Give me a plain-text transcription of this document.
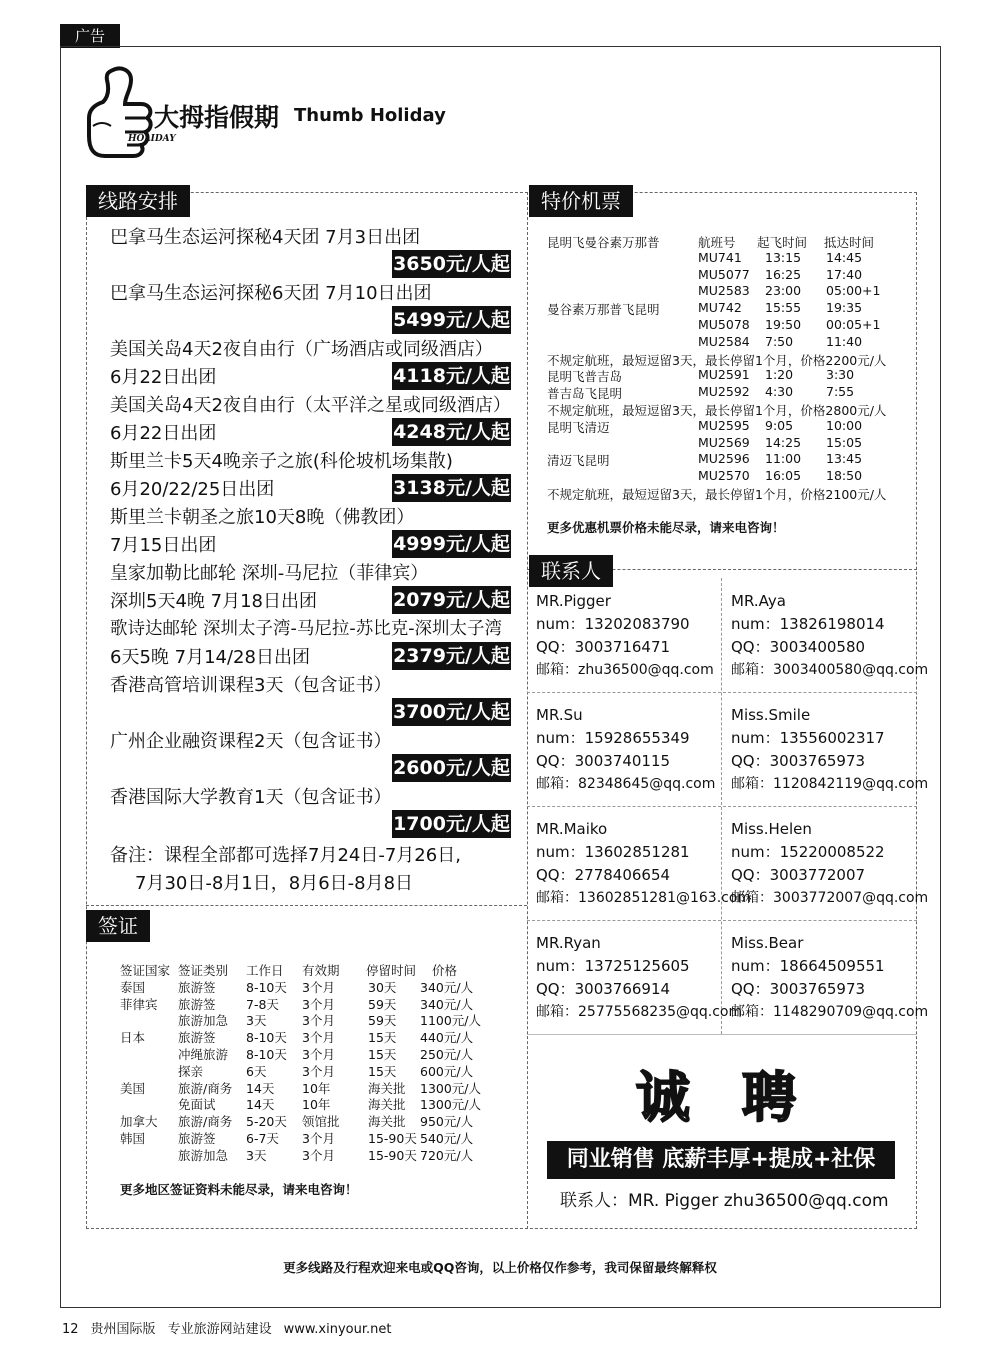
广告
HOLIDAY
大拇指假期 Thumb Holiday
线路安排
巴拿马生态运河探秘4天团 7月3日出团
3650元/人起
巴拿马生态运河探秘6天团 7月10日出团
5499元/人起
美国关岛4天2夜自由行（广场酒店或同级酒店）
6月22日出团	4118元/人起
美国关岛4天2夜自由行（太平洋之星或同级酒店）
6月22日出团	4248元/人起
斯里兰卡5天4晚亲子之旅(科伦坡机场集散)
6月20/22/25日出团	3138元/人起
斯里兰卡朝圣之旅10天8晚（佛教团）
7月15日出团	4999元/人起
皇家加勒比邮轮 深圳-马尼拉（菲律宾）
深圳5天4晚 7月18日出团	2079元/人起
歌诗达邮轮 深圳太子湾-马尼拉-苏比克-深圳太子湾
6天5晚 7月14/28日出团	2379元/人起
香港高管培训课程3天（包含证书）
3700元/人起
广州企业融资课程2天（包含证书）
2600元/人起
香港国际大学教育1天（包含证书）
1700元/人起
备注：课程全部都可选择7月24日-7月26日,
7月30日-8月1日，8月6日-8月8日
签证
签证国家 签证类别 工作日 有效期 停留时间 价格
泰国	旅游签 8-10天 3个月	30天 340元/人
菲律宾 旅游签 7-8天 3个月	59天 340元/人
旅游加急 3天	3个月	59天 1100元/人
日本	旅游签 8-10天 3个月	15天 440元/人
冲绳旅游 8-10天 3个月	15天 250元/人
探亲	6天	3个月	15天 600元/人
美国	旅游/商务 14天 10年	海关批 1300元/人
免面试 14天 10年	海关批 1300元/人
加拿大 旅游/商务 5-20天 领馆批 海关批 950元/人
韩国	旅游签 6-7天 3个月	15-90天 540元/人
旅游加急 3天	3个月	15-90天 720元/人
更多地区签证资料未能尽录，请来电咨询！
特价机票
航班号 起飞时间 抵达时间
昆明飞曼谷素万那普
MU741 13:15 14:45
MU5077 16:25 17:40
MU2583 23:00 05:00+1
曼谷素万那普飞昆明	MU742 15:55 19:35
MU5078 19:50 00:05+1
MU2584 7:50	11:40
不规定航班，最短逗留3天，最长停留1个月，价格2200元/人
昆明飞普吉岛	MU2591 1:20	3:30
普吉岛飞昆明	MU2592 4:30	7:55
不规定航班，最短逗留3天，最长停留1个月，价格2800元/人
昆明飞清迈	MU2595 9:05	10:00
MU2569 14:25 15:05
清迈飞昆明	MU2596 11:00 13:45
MU2570 16:05 18:50
不规定航班，最短逗留3天，最长停留1个月，价格2100元/人
更多优惠机票价格未能尽录，请来电咨询！
联系人
MR.Pigger
num：13202083790
QQ：3003716471
邮箱：zhu36500@qq.com
MR.Aya
num：13826198014
QQ：3003400580
邮箱：3003400580@qq.com
MR.Su
num：15928655349
QQ：3003740115
邮箱：82348645@qq.com
Miss.Smile
num：13556002317
QQ：3003765973
邮箱：1120842119@qq.com
MR.Maiko
num：13602851281
QQ：2778406654
邮箱：13602851281@163.com
Miss.Helen
num：15220008522
QQ：3003772007
邮箱：3003772007@qq.com
MR.Ryan
num：13725125605
QQ：3003766914
邮箱：25775568235@qq.com
Miss.Bear
num：18664509551
QQ：3003765973
邮箱：1148290709@qq.com
诚 聘
同业销售 底薪丰厚+提成+社保
联系人：MR. Pigger zhu36500@qq.com
更多线路及行程欢迎来电或QQ咨询，以上价格仅作参考，我司保留最终解释权
12 贵州国际版 专业旅游网站建设 www.xinyour.net
